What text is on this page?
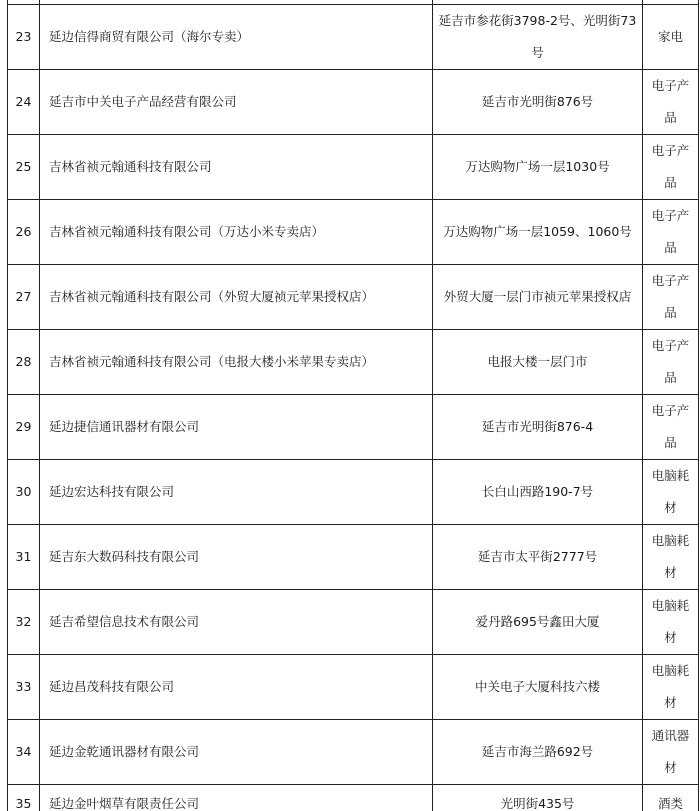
23	延边信得商贸有限公司（海尔专卖）	延吉市参花街3798-2号、光明街73号	家电
24	延吉市中关电子产品经营有限公司	延吉市光明街876号	电子产品
25	吉林省祯元翰通科技有限公司	万达购物广场一层1030号	电子产品
26	吉林省祯元翰通科技有限公司（万达小米专卖店）	万达购物广场一层1059、1060号	电子产品
27	吉林省祯元翰通科技有限公司（外贸大厦祯元苹果授权店）	外贸大厦一层门市祯元苹果授权店	电子产品
28	吉林省祯元翰通科技有限公司（电报大楼小米苹果专卖店）	电报大楼一层门市	电子产品
29	延边捷信通讯器材有限公司	延吉市光明街876-4	电子产品
30	延边宏达科技有限公司	长白山西路190-7号	电脑耗材
31	延吉东大数码科技有限公司	延吉市太平街2777号	电脑耗材
32	延吉希望信息技术有限公司	爱丹路695号鑫田大厦	电脑耗材
33	延边昌茂科技有限公司	中关电子大厦科技六楼	电脑耗材
34	延边金乾通讯器材有限公司	延吉市海兰路692号	通讯器材
35	延边金叶烟草有限责任公司	光明街435号	酒类
